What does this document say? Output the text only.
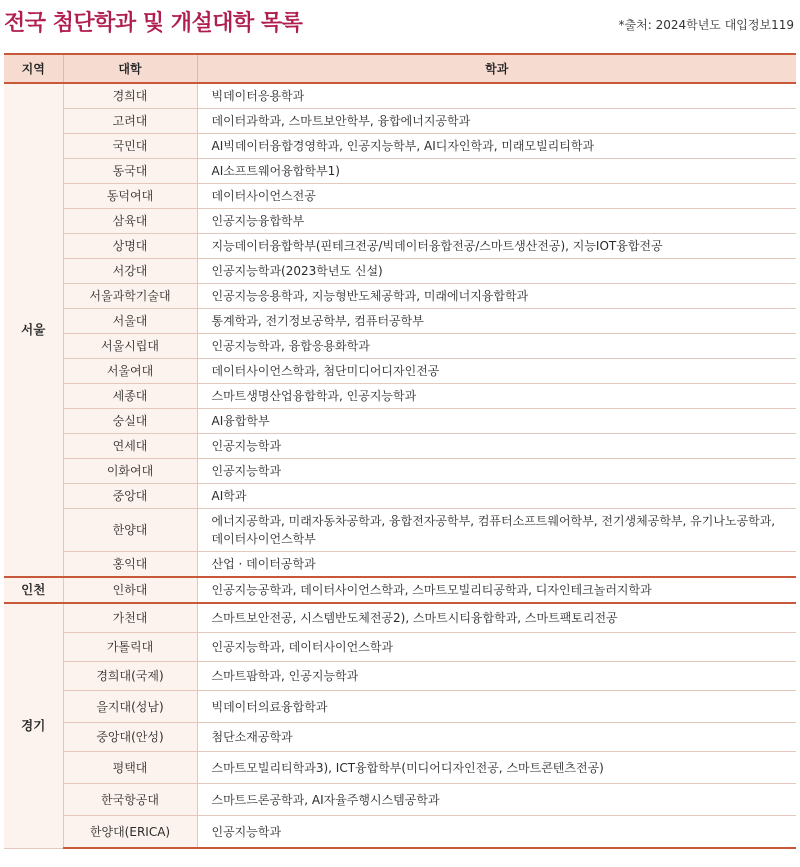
전국 첨단학과 및 개설대학 목록	*출처: 2024학년도 대입정보119
지역	대학	학과
서울	경희대	빅데이터응용학과
	고려대	데이터과학과, 스마트보안학부, 융합에너지공학과
	국민대	AI빅데이터융합경영학과, 인공지능학부, AI디자인학과, 미래모빌리티학과
	동국대	AI소프트웨어융합학부1)
	동덕여대	데이터사이언스전공
	삼육대	인공지능융합학부
	상명대	지능데이터융합학부(핀테크전공/빅데이터융합전공/스마트생산전공), 지능IOT융합전공
	서강대	인공지능학과(2023학년도 신설)
	서울과학기술대	인공지능응용학과, 지능형반도체공학과, 미래에너지융합학과
	서울대	통계학과, 전기정보공학부, 컴퓨터공학부
	서울시립대	인공지능학과, 융합응용화학과
	서울여대	데이터사이언스학과, 첨단미디어디자인전공
	세종대	스마트생명산업융합학과, 인공지능학과
	숭실대	AI융합학부
	연세대	인공지능학과
	이화여대	인공지능학과
	중앙대	AI학과
	한양대	에너지공학과, 미래자동차공학과, 융합전자공학부, 컴퓨터소프트웨어학부, 전기생체공학부, 유기나노공학과, 데이터사이언스학부
	홍익대	산업 · 데이터공학과
인천	인하대	인공지능공학과, 데이터사이언스학과, 스마트모빌리티공학과, 디자인테크놀러지학과
경기	가천대	스마트보안전공, 시스템반도체전공2), 스마트시티융합학과, 스마트팩토리전공
	가톨릭대	인공지능학과, 데이터사이언스학과
	경희대(국제)	스마트팜학과, 인공지능학과
	을지대(성남)	빅데이터의료융합학과
	중앙대(안성)	첨단소재공학과
	평택대	스마트모빌리티학과3), ICT융합학부(미디어디자인전공, 스마트콘텐츠전공)
	한국항공대	스마트드론공학과, AI자율주행시스템공학과
	한양대(ERICA)	인공지능학과
